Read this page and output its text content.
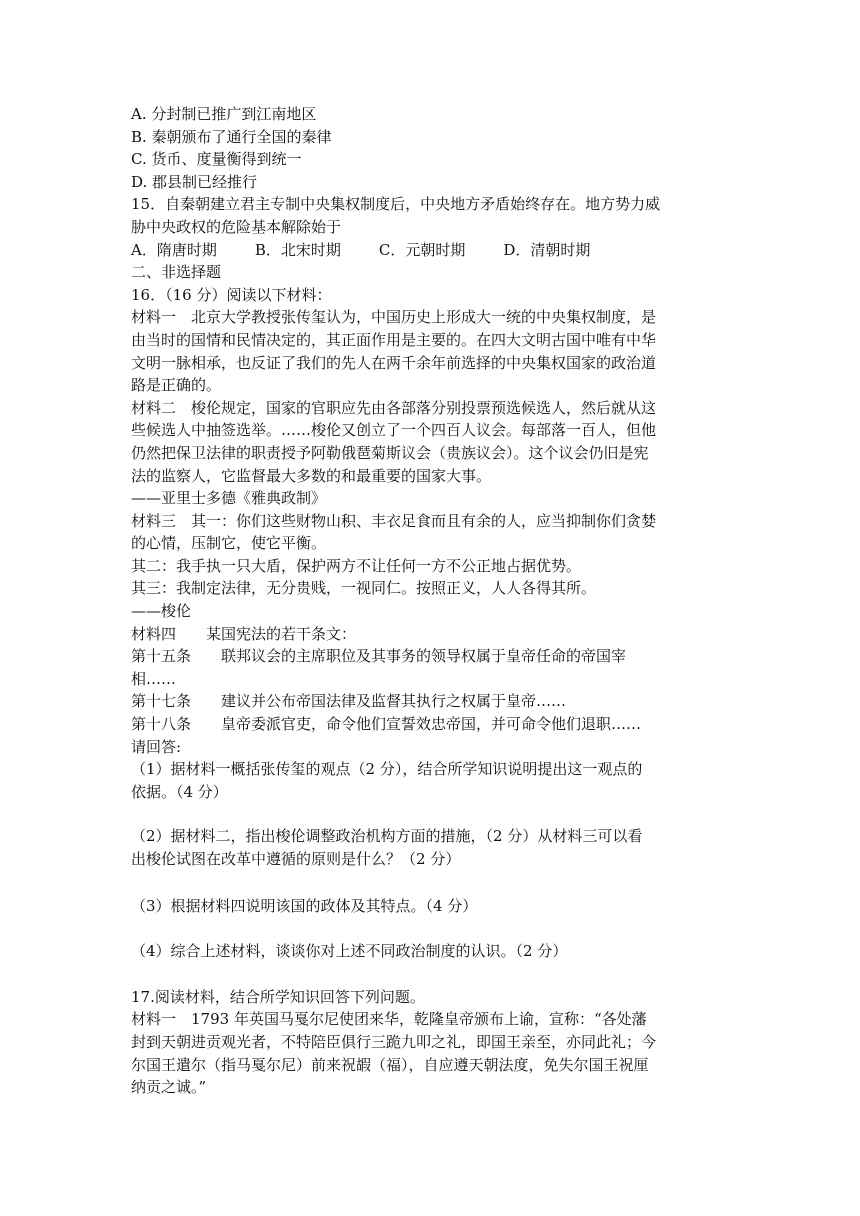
A. 分封制已推广到江南地区
B. 秦朝颁布了通行全国的秦律
C. 货币、度量衡得到统一
D. 郡县制已经推行
15．自秦朝建立君主专制中央集权制度后，中央地方矛盾始终存在。地方势力威
胁中央政权的危险基本解除始于
A．隋唐时期	B．北宋时期	C．元朝时期	D．清朝时期
二、非选择题
16．（16 分）阅读以下材料：
材料一　北京大学教授张传玺认为，中国历史上形成大一统的中央集权制度，是
由当时的国情和民情决定的，其正面作用是主要的。在四大文明古国中唯有中华
文明一脉相承，也反证了我们的先人在两千余年前选择的中央集权国家的政治道
路是正确的。
材料二　梭伦规定，国家的官职应先由各部落分别投票预选候选人，然后就从这
些候选人中抽签选举。……梭伦又创立了一个四百人议会。每部落一百人，但他
仍然把保卫法律的职责授予阿勒俄琶菊斯议会（贵族议会）。这个议会仍旧是宪
法的监察人，它监督最大多数的和最重要的国家大事。
——亚里士多德《雅典政制》
材料三　其一：你们这些财物山积、丰衣足食而且有余的人，应当抑制你们贪婪
的心情，压制它，使它平衡。
其二：我手执一只大盾，保护两方不让任何一方不公正地占据优势。
其三：我制定法律，无分贵贱，一视同仁。按照正义，人人各得其所。
——梭伦
材料四　　某国宪法的若干条文：
第十五条　　联邦议会的主席职位及其事务的领导权属于皇帝任命的帝国宰
相……
第十七条　　建议并公布帝国法律及监督其执行之权属于皇帝……
第十八条　　皇帝委派官吏，命令他们宣誓效忠帝国，并可命令他们退职……
请回答:
（1）据材料一概括张传玺的观点（2 分），结合所学知识说明提出这一观点的
依据。（4 分）
（2）据材料二，指出梭伦调整政治机构方面的措施，（2 分）从材料三可以看
出梭伦试图在改革中遵循的原则是什么？（2 分）
（3）根据材料四说明该国的政体及其特点。（4 分）
（4）综合上述材料，谈谈你对上述不同政治制度的认识。（2 分）
17.阅读材料，结合所学知识回答下列问题。
材料一　1793 年英国马戛尔尼使团来华，乾隆皇帝颁布上谕，宣称：“各处藩
封到天朝进贡观光者，不特陪臣俱行三跪九叩之礼，即国王亲至，亦同此礼；今
尔国王遣尔（指马戛尔尼）前来祝嘏（福），自应遵天朝法度，免失尔国王祝厘
纳贡之诚。”
